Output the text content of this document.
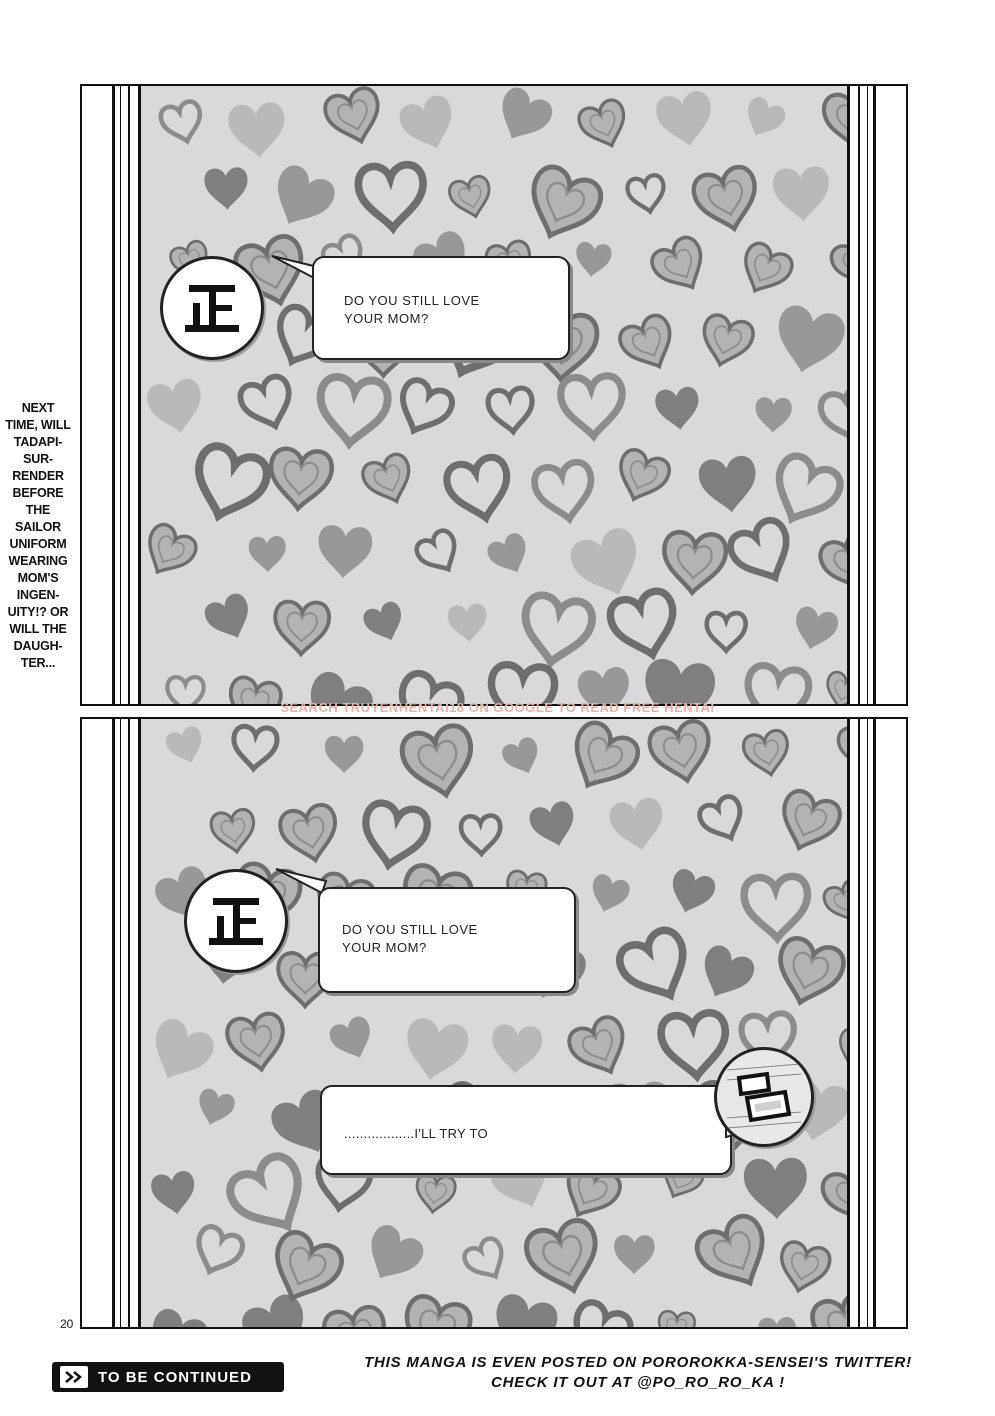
DO YOU STILL LOVE
YOUR MOM?
DO YOU STILL LOVE
YOUR MOM?
..................I'LL TRY TO
NEXT TIME, WILL TADAPI-SUR-RENDER BEFORE THE SAILOR UNIFORM WEARING MOM'S INGEN-UITY!? OR WILL THE DAUGH-TER...
SEARCH TRUYENHENTAI18 ON GOOGLE TO READ FREE HENTAI
20
TO BE CONTINUED
THIS MANGA IS EVEN POSTED ON POROROKKA-SENSEI'S TWITTER!
CHECK IT OUT AT @PO_RO_RO_KA !
